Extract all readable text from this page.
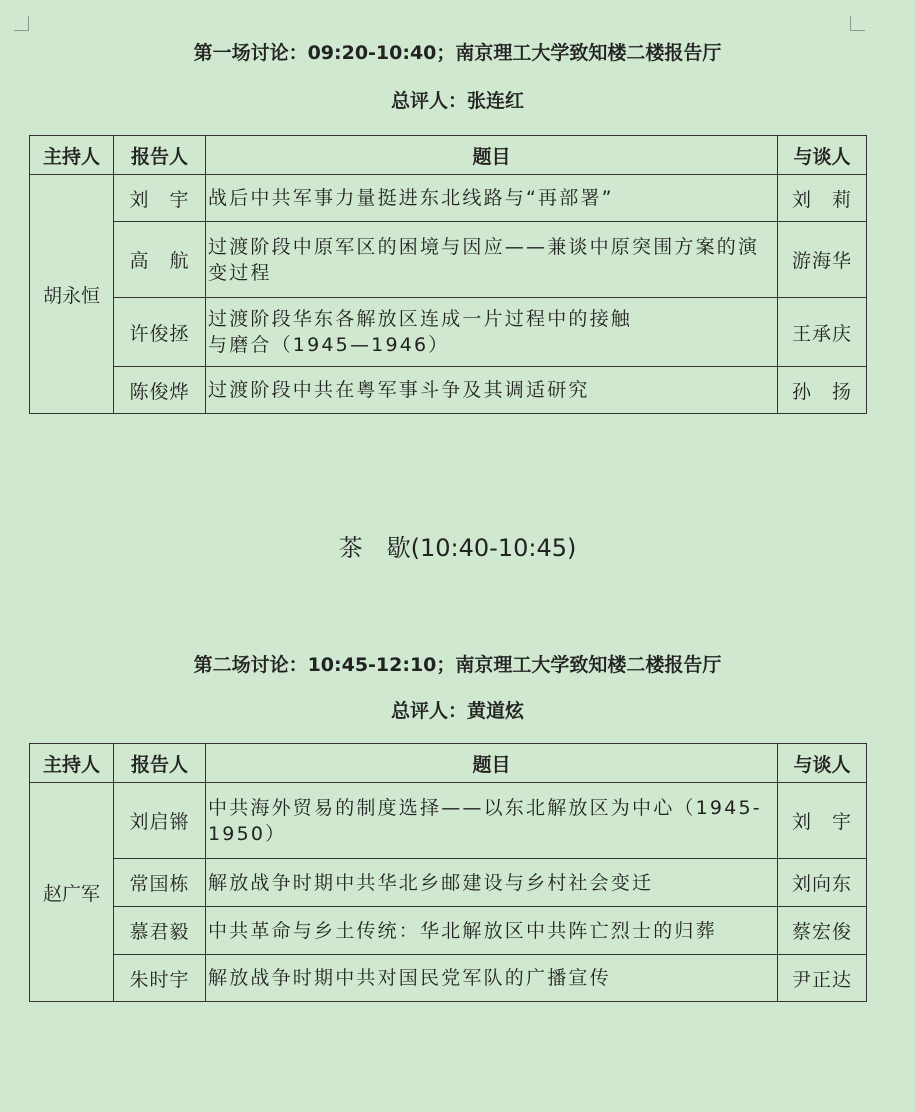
第一场讨论：09:20-10:40；南京理工大学致知楼二楼报告厅
总评人：张连红
主持人	报告人	题目	与谈人
胡永恒	刘　宇	战后中共军事力量挺进东北线路与“再部署”	刘　莉
	高　航	过渡阶段中原军区的困境与因应——兼谈中原突围方案的演变过程	游海华
	许俊拯	过渡阶段华东各解放区连成一片过程中的接触
与磨合（1945—1946）	王承庆
	陈俊烨	过渡阶段中共在粤军事斗争及其调适研究	孙　扬
茶　歇(10:40-10:45)
第二场讨论：10:45-12:10；南京理工大学致知楼二楼报告厅
总评人：黄道炫
主持人	报告人	题目	与谈人
赵广军	刘启锵	中共海外贸易的制度选择——以东北解放区为中心（1945-1950）	刘　宇
	常国栋	解放战争时期中共华北乡邮建设与乡村社会变迁	刘向东
	慕君毅	中共革命与乡土传统：华北解放区中共阵亡烈士的归葬	蔡宏俊
	朱时宇	解放战争时期中共对国民党军队的广播宣传	尹正达
